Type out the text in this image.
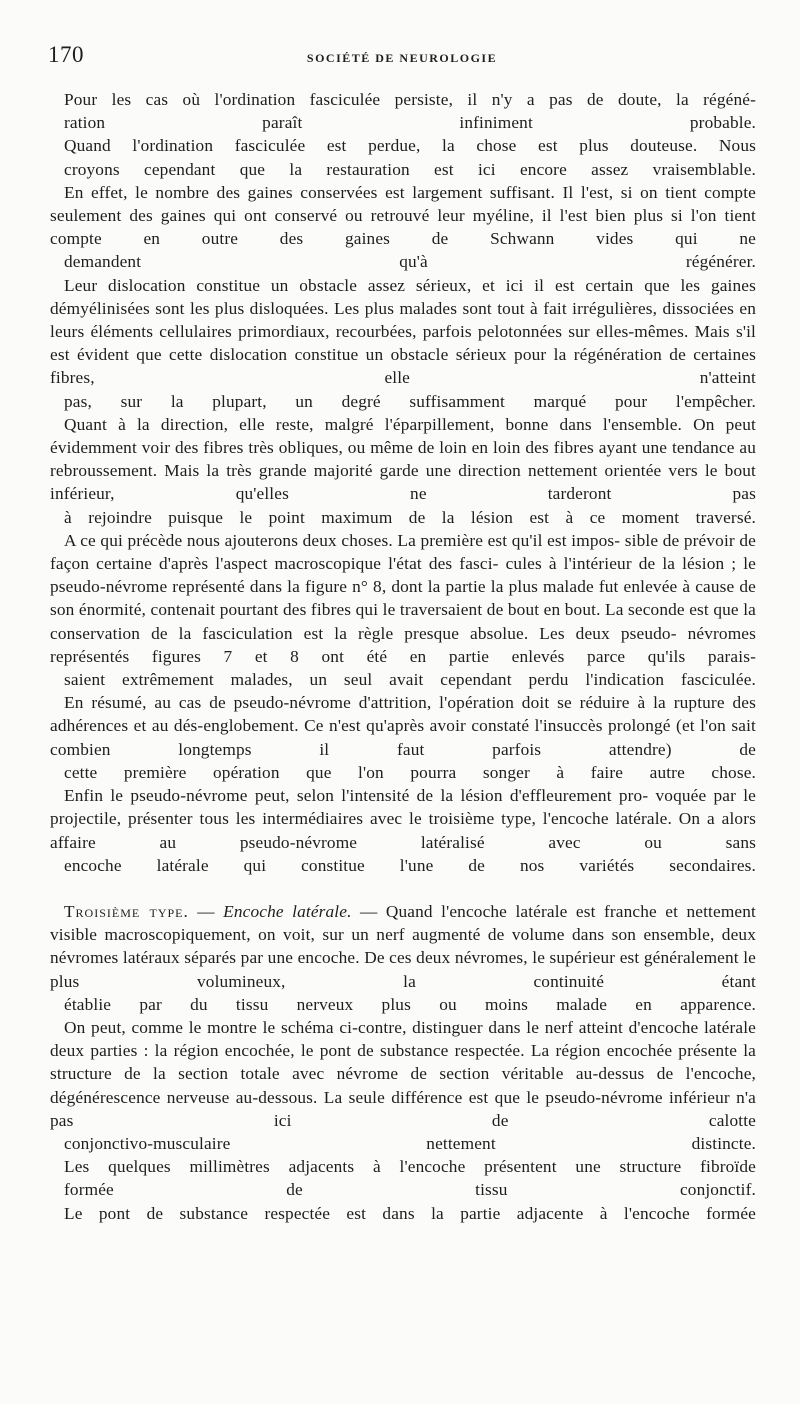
170	SOCIÉTÉ DE NEUROLOGIE

Pour les cas où l'ordination fasciculée persiste, il n'y a pas de doute, la régéné-
ration paraît infiniment probable.

Quand l'ordination fasciculée est perdue, la chose est plus douteuse. Nous
croyons cependant que la restauration est ici encore assez vraisemblable.

En effet, le nombre des gaines conservées est largement suffisant. Il l'est, si on tient compte seulement des gaines qui ont conservé ou retrouvé leur myéline, il l'est bien plus si l'on tient compte en outre des gaines de Schwann vides qui ne
demandent qu'à régénérer.

Leur dislocation constitue un obstacle assez sérieux, et ici il est certain que les gaines démyélinisées sont les plus disloquées. Les plus malades sont tout à fait irrégulières, dissociées en leurs éléments cellulaires primordiaux, recourbées, parfois pelotonnées sur elles-mêmes. Mais s'il est évident que cette dislocation constitue un obstacle sérieux pour la régénération de certaines fibres, elle n'atteint
pas, sur la plupart, un degré suffisamment marqué pour l'empêcher.

Quant à la direction, elle reste, malgré l'éparpillement, bonne dans l'ensemble. On peut évidemment voir des fibres très obliques, ou même de loin en loin des fibres ayant une tendance au rebroussement. Mais la très grande majorité garde une direction nettement orientée vers le bout inférieur, qu'elles ne tarderont pas
à rejoindre puisque le point maximum de la lésion est à ce moment traversé.

A ce qui précède nous ajouterons deux choses. La première est qu'il est impos- sible de prévoir de façon certaine d'après l'aspect macroscopique l'état des fasci- cules à l'intérieur de la lésion ; le pseudo-névrome représenté dans la figure n° 8, dont la partie la plus malade fut enlevée à cause de son énormité, contenait pourtant des fibres qui le traversaient de bout en bout. La seconde est que la conservation de la fasciculation est la règle presque absolue. Les deux pseudo- névromes représentés figures 7 et 8 ont été en partie enlevés parce qu'ils parais-
saient extrêmement malades, un seul avait cependant perdu l'indication fasciculée.

En résumé, au cas de pseudo-névrome d'attrition, l'opération doit se réduire à la rupture des adhérences et au dés-englobement. Ce n'est qu'après avoir constaté l'insuccès prolongé (et l'on sait combien longtemps il faut parfois attendre) de
cette première opération que l'on pourra songer à faire autre chose.

Enfin le pseudo-névrome peut, selon l'intensité de la lésion d'effleurement pro- voquée par le projectile, présenter tous les intermédiaires avec le troisième type, l'encoche latérale. On a alors affaire au pseudo-névrome latéralisé avec ou sans
encoche latérale qui constitue l'une de nos variétés secondaires.

Troisième type. — Encoche latérale. — Quand l'encoche latérale est franche et nettement visible macroscopiquement, on voit, sur un nerf augmenté de volume dans son ensemble, deux névromes latéraux séparés par une encoche. De ces deux névromes, le supérieur est généralement le plus volumineux, la continuité étant
établie par du tissu nerveux plus ou moins malade en apparence.

On peut, comme le montre le schéma ci-contre, distinguer dans le nerf atteint d'encoche latérale deux parties : la région encochée, le pont de substance respectée. La région encochée présente la structure de la section totale avec névrome de section véritable au-dessus de l'encoche, dégénérescence nerveuse au-dessous. La seule différence est que le pseudo-névrome inférieur n'a pas ici de calotte
conjonctivo-musculaire nettement distincte.

Les quelques millimètres adjacents à l'encoche présentent une structure fibroïde
formée de tissu conjonctif.

Le pont de substance respectée est dans la partie adjacente à l'encoche formée
